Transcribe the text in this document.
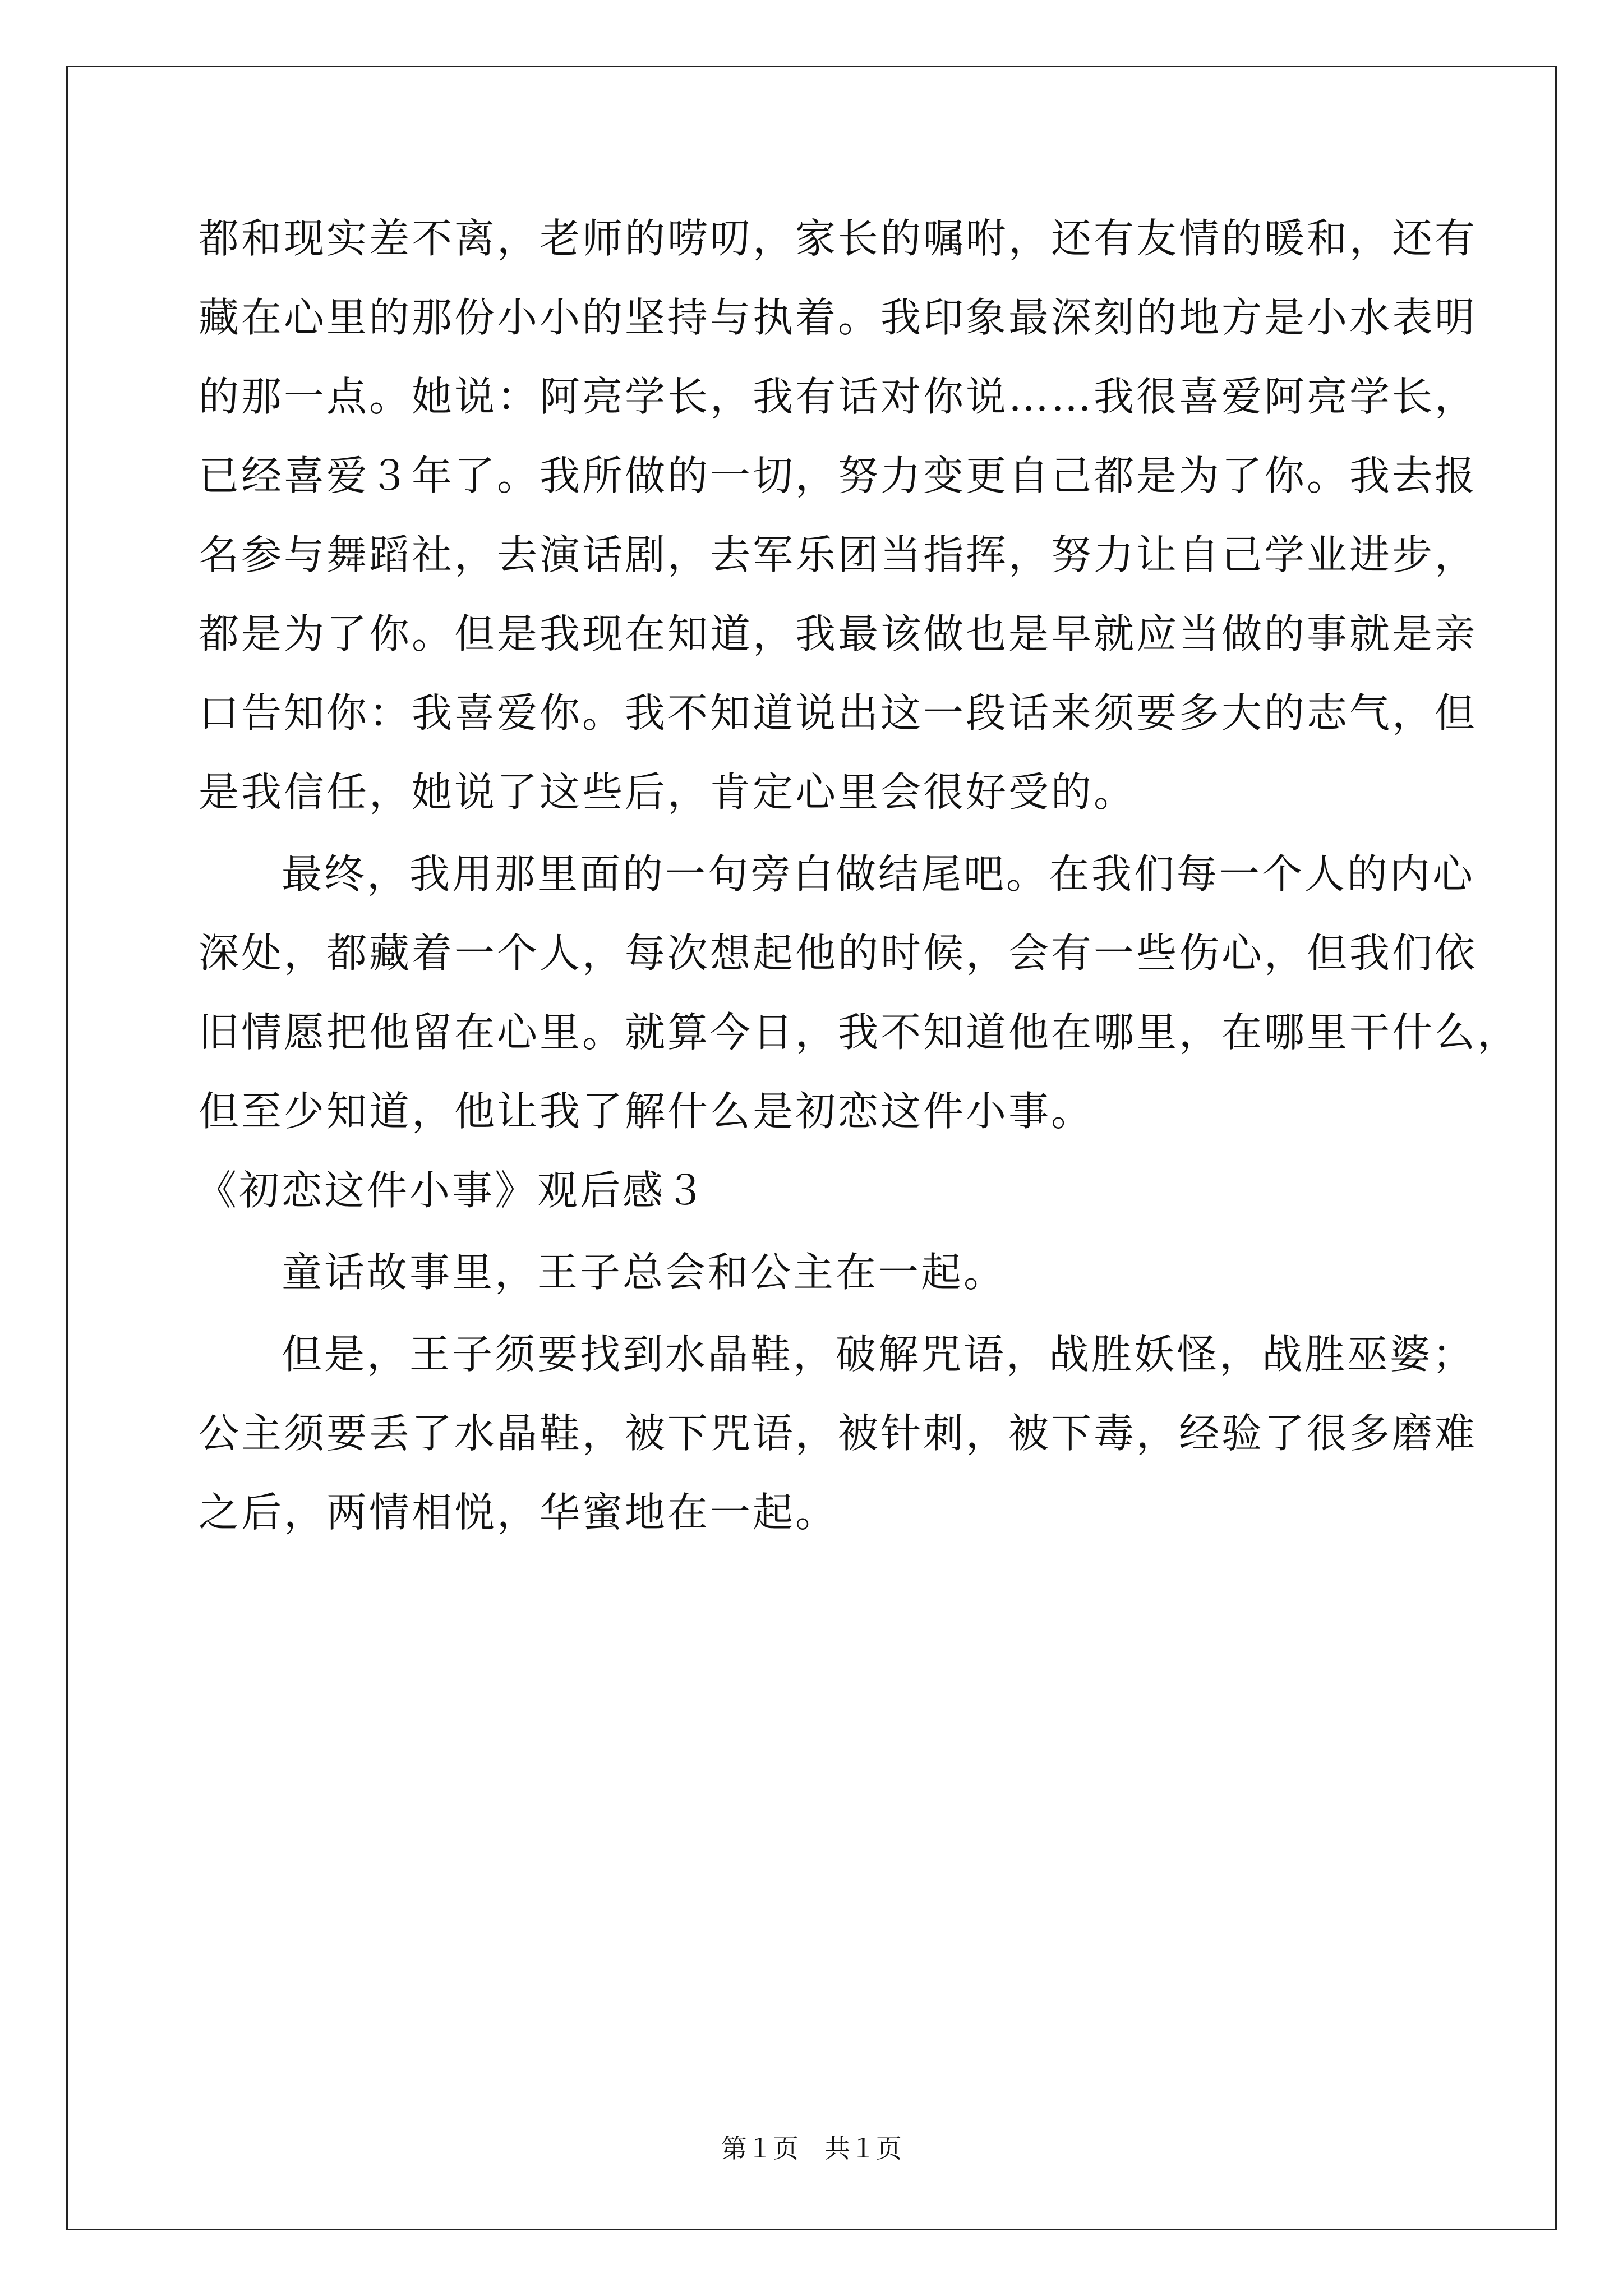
都和现实差不离，老师的唠叨，家长的嘱咐，还有友情的暖和，还有
藏在心里的那份小小的坚持与执着。我印象最深刻的地方是小水表明
的那一点。她说：阿亮学长，我有话对你说……我很喜爱阿亮学长，
已经喜爱３年了。我所做的一切，努力变更自己都是为了你。我去报
名参与舞蹈社，去演话剧，去军乐团当指挥，努力让自己学业进步，
都是为了你。但是我现在知道，我最该做也是早就应当做的事就是亲
口告知你：我喜爱你。我不知道说出这一段话来须要多大的志气，但
是我信任，她说了这些后，肯定心里会很好受的。
最终，我用那里面的一句旁白做结尾吧。在我们每一个人的内心
深处，都藏着一个人，每次想起他的时候，会有一些伤心，但我们依
旧情愿把他留在心里。就算今日，我不知道他在哪里，在哪里干什么，
但至少知道，他让我了解什么是初恋这件小事。
《初恋这件小事》观后感３
童话故事里，王子总会和公主在一起。
但是，王子须要找到水晶鞋，破解咒语，战胜妖怪，战胜巫婆；
公主须要丢了水晶鞋，被下咒语，被针刺，被下毒，经验了很多磨难
之后，两情相悦，华蜜地在一起。
第１页　共１页
